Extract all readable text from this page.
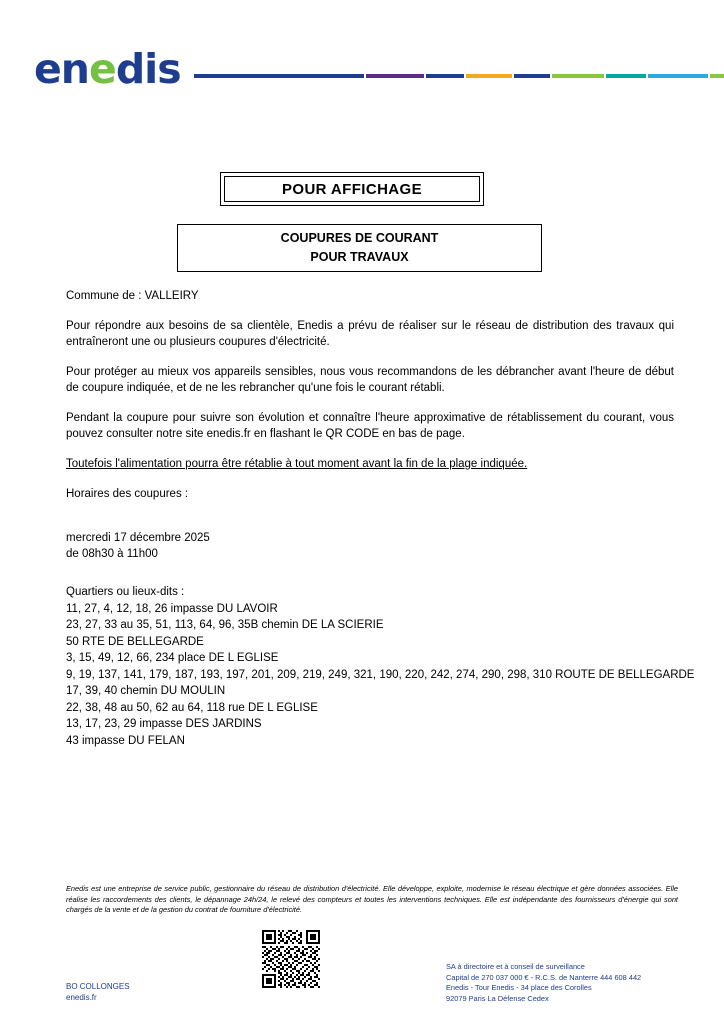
enedis
POUR AFFICHAGE
COUPURES DE COURANT
POUR TRAVAUX

Commune de : VALLEIRY

Pour répondre aux besoins de sa clientèle, Enedis a prévu de réaliser sur le réseau de distribution des travaux qui entraîneront une ou plusieurs coupures d'électricité.

Pour protéger au mieux vos appareils sensibles, nous vous recommandons de les débrancher avant l'heure de début de coupure indiquée, et de ne les rebrancher qu'une fois le courant rétabli.

Pendant la coupure pour suivre son évolution et connaître l'heure approximative de rétablissement du courant, vous pouvez consulter notre site enedis.fr en flashant le QR CODE en bas de page.

Toutefois l'alimentation pourra être rétablie à tout moment avant la fin de la plage indiquée.

Horaires des coupures :

mercredi 17 décembre 2025
de 08h30 à 11h00
Quartiers ou lieux-dits :
11, 27, 4, 12, 18, 26 impasse DU LAVOIR
23, 27, 33 au 35, 51, 113, 64, 96, 35B chemin DE LA SCIERIE
50 RTE DE BELLEGARDE
3, 15, 49, 12, 66, 234 place DE L EGLISE
9, 19, 137, 141, 179, 187, 193, 197, 201, 209, 219, 249, 321, 190, 220, 242, 274, 290, 298, 310 ROUTE DE BELLEGARDE
17, 39, 40 chemin DU MOULIN
22, 38, 48 au 50, 62 au 64, 118 rue DE L EGLISE
13, 17, 23, 29 impasse DES JARDINS
43 impasse DU FELAN
Enedis est une entreprise de service public, gestionnaire du réseau de distribution d'électricité. Elle développe, exploite, modernise le réseau électrique et gère données associées. Elle réalise les raccordements des clients, le dépannage 24h/24, le relevé des compteurs et toutes les interventions techniques. Elle est indépendante des fournisseurs d'énergie qui sont chargés de la vente et de la gestion du contrat de fourniture d'électricité.
SA à directoire et à conseil de surveillance
Capital de 270 037 000 € - R.C.S. de Nanterre 444 608 442
Enedis - Tour Enedis - 34 place des Corolles
92079 Paris La Défense Cedex
BO COLLONGES
enedis.fr
